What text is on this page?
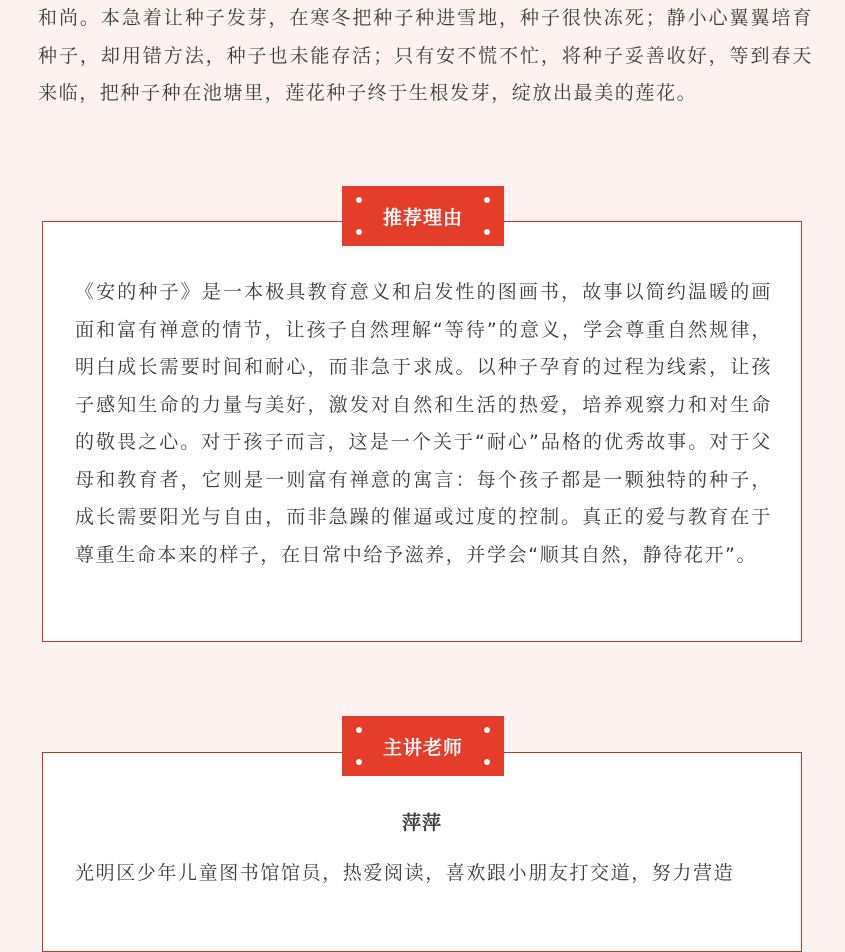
和尚。本急着让种子发芽，在寒冬把种子种进雪地，种子很快冻死；静小心翼翼培育种子，却用错方法，种子也未能存活；只有安不慌不忙，将种子妥善收好，等到春天来临，把种子种在池塘里，莲花种子终于生根发芽，绽放出最美的莲花。

《安的种子》是一本极具教育意义和启发性的图画书，故事以简约温暖的画面和富有禅意的情节，让孩子自然理解“等待”的意义，学会尊重自然规律，明白成长需要时间和耐心，而非急于求成。以种子孕育的过程为线索，让孩子感知生命的力量与美好，激发对自然和生活的热爱，培养观察力和对生命的敬畏之心。对于孩子而言，这是一个关于“耐心”品格的优秀故事。对于父母和教育者，它则是一则富有禅意的寓言：每个孩子都是一颗独特的种子，成长需要阳光与自由，而非急躁的催逼或过度的控制。真正的爱与教育在于尊重生命本来的样子，在日常中给予滋养，并学会“顺其自然，静待花开”。

推荐理由
萍萍

光明区少年儿童图书馆馆员，热爱阅读，喜欢跟小朋友打交道，努力营造

主讲老师
